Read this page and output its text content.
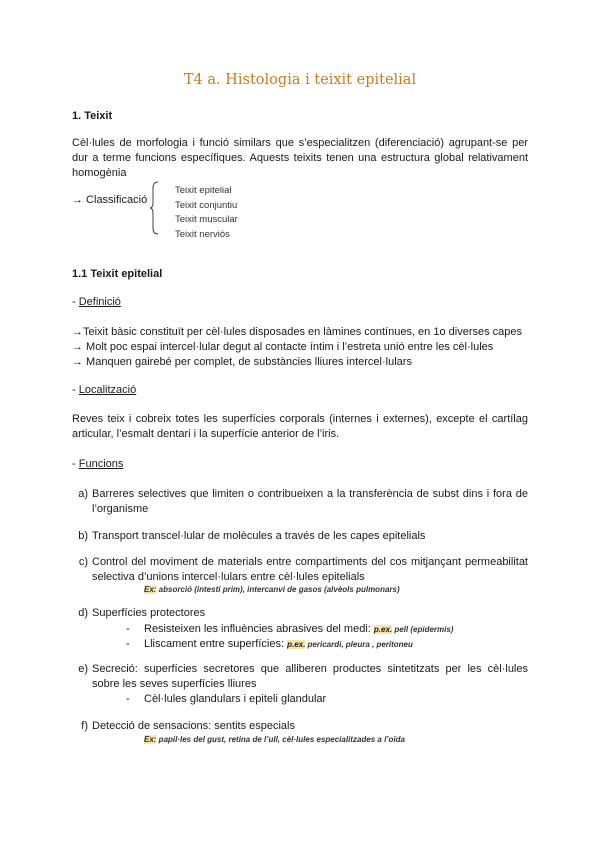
T4 a. Histologia i teixit epitelial
1. Teixit
Cèl·lules de morfologia i funció similars que s’especialitzen (diferenciació) agrupant-se per dur a terme funcions específiques. Aquests teixits tenen una estructura global relativament homogènia
→ Classificació
Teixit epitelial
Teixit conjuntiu
Teixit muscular
Teixit nerviós
1.1 Teixit epitelial
- Definició
→Teixit bàsic constituït per cèl·lules disposades en làmines contínues, en 1o diverses capes
→ Molt poc espai intercel·lular degut al contacte íntim i l’estreta unió entre les cèl·lules
→ Manquen gairebé per complet, de substàncies lliures intercel·lulars
- Localització
Reves teix i cobreix totes les superfícies corporals (internes i externes), excepte el cartílag articular, l’esmalt dentari i la superfície anterior de l’iris.
- Funcions
a) Barreres selectives que limiten o contribueixen a la transferència de subst dins i fora de l’organisme
b) Transport transcel·lular de molècules a través de les capes epitelials
c) Control del moviment de materials entre compartiments del cos mitjançant permeabilitat selectiva d’unions intercel·lulars entre cèl·lules epitelials
Ex: absorció (intestí prim), intercanvi de gasos (alvèols pulmonars)
d) Superfícies protectores
- Resisteixen les influències abrasives del medi: p.ex. pell (epidermis)
- Lliscament entre superfícies: p.ex. pericardi, pleura , peritoneu
e) Secreció: superfícies secretores que alliberen productes sintetitzats per les cèl·lules sobre les seves superfícies lliures
- Cèl·lules glandulars i epiteli glandular
f) Detecció de sensacions: sentits especials
Ex: papil·les del gust, retina de l’ull, cèl·lules especialitzades a l’oïda
